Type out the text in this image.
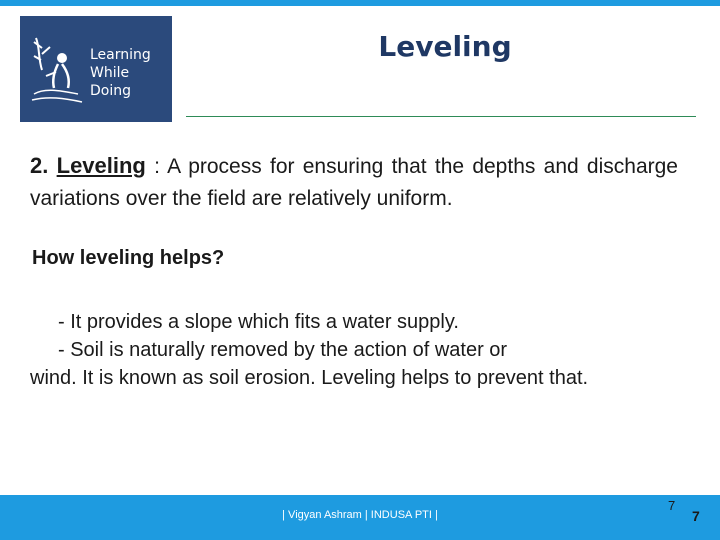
Learning
While
Doing
Leveling
2. Leveling : A process for ensuring that the depths and discharge variations over the field are relatively uniform.
How leveling helps?
- It provides a slope which fits a water supply.
- Soil is naturally removed by the action of water or
wind. It is known as soil erosion. Leveling helps to prevent that.
| Vigyan Ashram | INDUSA PTI |
7
7
